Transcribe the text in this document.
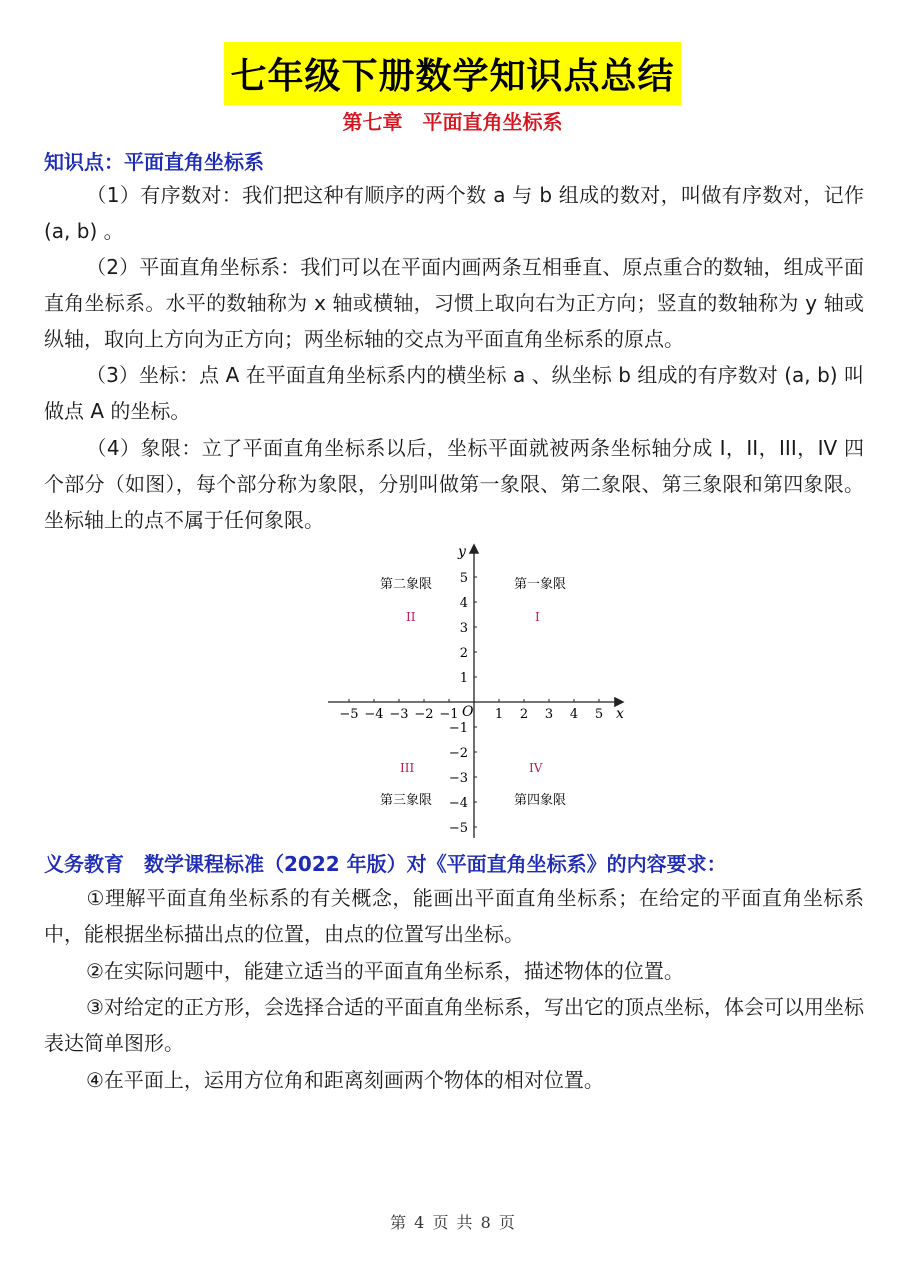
七年级下册数学知识点总结
第七章　平面直角坐标系
知识点：平面直角坐标系
（1）有序数对：我们把这种有顺序的两个数 a 与 b 组成的数对，叫做有序数对，记作 (a, b) 。
（2）平面直角坐标系：我们可以在平面内画两条互相垂直、原点重合的数轴，组成平面直角坐标系。水平的数轴称为 x 轴或横轴，习惯上取向右为正方向；竖直的数轴称为 y 轴或纵轴，取向上方向为正方向；两坐标轴的交点为平面直角坐标系的原点。
（3）坐标：点 A 在平面直角坐标系内的横坐标 a 、纵坐标 b 组成的有序数对 (a, b) 叫做点 A 的坐标。
（4）象限：立了平面直角坐标系以后，坐标平面就被两条坐标轴分成 I，II，III，IV 四个部分（如图），每个部分称为象限，分别叫做第一象限、第二象限、第三象限和第四象限。坐标轴上的点不属于任何象限。
−5 −4 −3 −2 −1	1 2 3 4 5
5
4
3
2
1
−1
−2
−3
−4
−5
x
y
O
第二象限	第一象限
第三象限	第四象限
II	I
III	IV
义务教育　数学课程标准（2022 年版）对《平面直角坐标系》的内容要求：
①理解平面直角坐标系的有关概念，能画出平面直角坐标系；在给定的平面直角坐标系中，能根据坐标描出点的位置，由点的位置写出坐标。
②在实际问题中，能建立适当的平面直角坐标系，描述物体的位置。
③对给定的正方形，会选择合适的平面直角坐标系，写出它的顶点坐标，体会可以用坐标表达简单图形。
④在平面上，运用方位角和距离刻画两个物体的相对位置。
第 4 页 共 8 页
